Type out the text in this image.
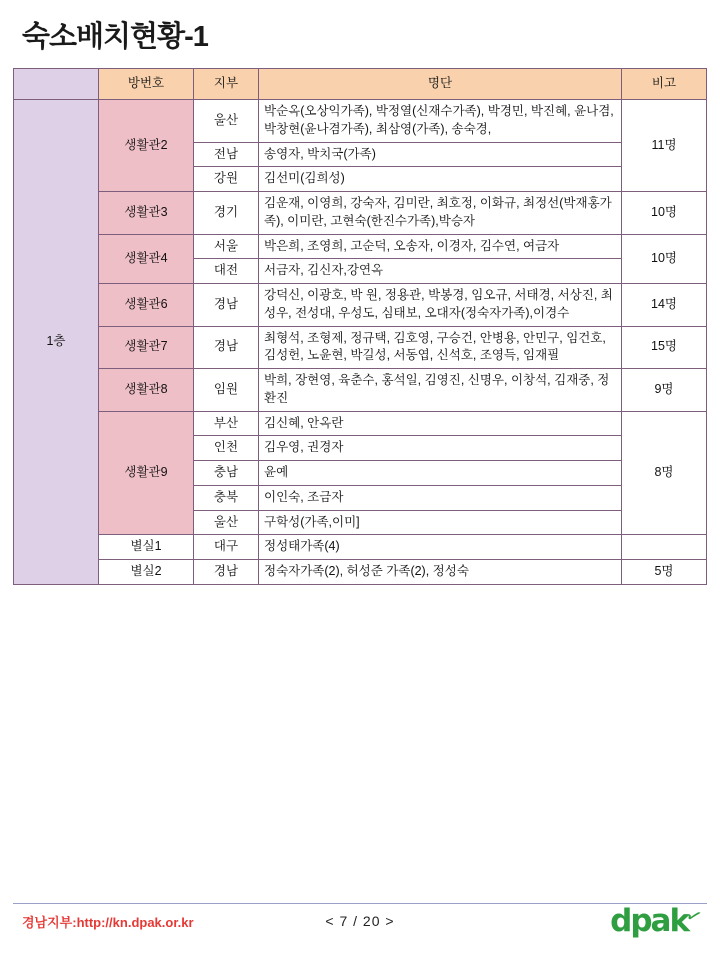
숙소배치현황-1
	방번호	지부	명단	비고
1층	생활관2	울산	박순옥(오상익가족), 박정열(신재수가족), 박경민, 박진혜, 윤나겸, 박창현(윤나겸가족), 최삼영(가족), 송숙경,	11명
		전남	송영자, 박치국(가족)	
		강원	김선미(김희성)	
	생활관3	경기	김운재, 이영희, 강숙자, 김미란, 최호정, 이화규, 최정선(박재홍가족), 이미란, 고현숙(한진수가족),박승자	10명
	생활관4	서울	박은희, 조영희, 고순덕, 오송자, 이경자, 김수연, 여금자	10명
		대전	서금자, 김신자,강연옥	
	생활관6	경남	강덕신, 이광호, 박 원, 정용관, 박봉경, 임오규, 서태경, 서상진, 최성우, 전성대, 우성도, 심태보, 오대자(정숙자가족),이경수	14명
	생활관7	경남	최형석, 조형제, 정규택, 김호영, 구승건, 안병용, 안민구, 임건호, 김성헌, 노윤현, 박길성, 서동엽, 신석호, 조영득, 임재필	15명
	생활관8	임원	박희, 장현영, 육춘수, 홍석일, 김영진, 신명우, 이창석, 김재중, 정환진	9명
	생활관9	부산	김신혜, 안옥란	8명
		인천	김우영, 권경자	
		충남	윤예	
		충북	이인숙, 조금자	
		울산	구학성(가족,이미]	
	별실1	대구	정성태가족(4)	
	별실2	경남	정숙자가족(2), 허성준 가족(2), 정성숙	5명
경남지부:http://kn.dpak.or.kr	< 7 / 20 >	dpak✓
